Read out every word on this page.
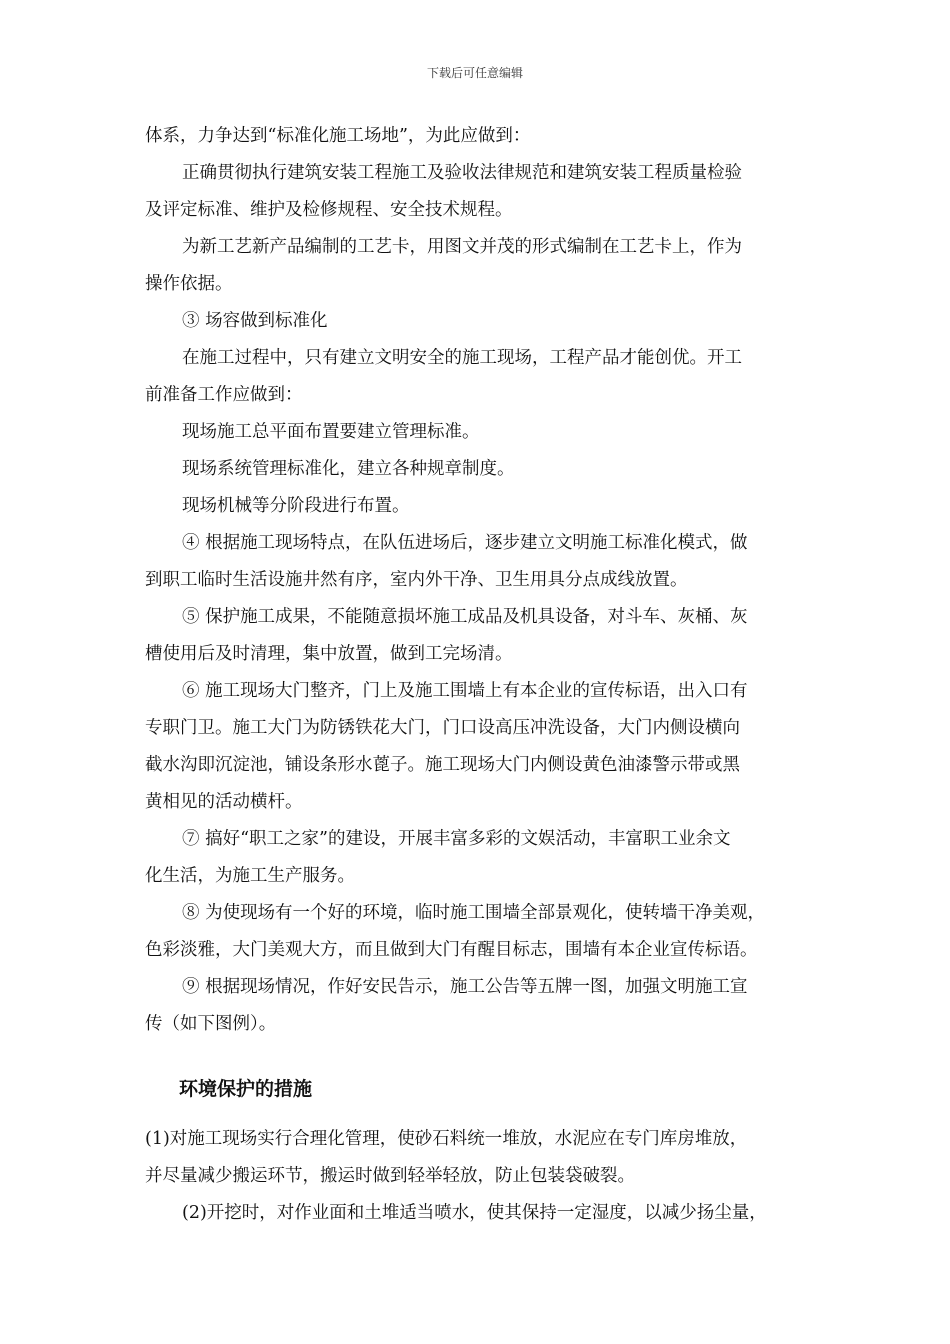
下载后可任意编辑
体系，力争达到“标准化施工场地”，为此应做到：
正确贯彻执行建筑安装工程施工及验收法律规范和建筑安装工程质量检验
及评定标准、维护及检修规程、安全技术规程。
为新工艺新产品编制的工艺卡，用图文并茂的形式编制在工艺卡上，作为
操作依据。
③ 场容做到标准化
在施工过程中，只有建立文明安全的施工现场，工程产品才能创优。开工
前准备工作应做到：
现场施工总平面布置要建立管理标准。
现场系统管理标准化，建立各种规章制度。
现场机械等分阶段进行布置。
④ 根据施工现场特点，在队伍进场后，逐步建立文明施工标准化模式，做
到职工临时生活设施井然有序，室内外干净、卫生用具分点成线放置。
⑤ 保护施工成果，不能随意损坏施工成品及机具设备，对斗车、灰桶、灰
槽使用后及时清理，集中放置，做到工完场清。
⑥ 施工现场大门整齐，门上及施工围墙上有本企业的宣传标语，出入口有
专职门卫。施工大门为防锈铁花大门，门口设高压冲洗设备，大门内侧设横向
截水沟即沉淀池，铺设条形水蓖子。施工现场大门内侧设黄色油漆警示带或黑
黄相见的活动横杆。
⑦ 搞好“职工之家”的建设，开展丰富多彩的文娱活动，丰富职工业余文
化生活，为施工生产服务。
⑧ 为使现场有一个好的环境，临时施工围墙全部景观化，使转墙干净美观，
色彩淡雅，大门美观大方，而且做到大门有醒目标志，围墙有本企业宣传标语。
⑨ 根据现场情况，作好安民告示，施工公告等五牌一图，加强文明施工宣
传（如下图例）。
环境保护的措施
(1)对施工现场实行合理化管理，使砂石料统一堆放，水泥应在专门库房堆放，
并尽量减少搬运环节，搬运时做到轻举轻放，防止包装袋破裂。
(2)开挖时，对作业面和土堆适当喷水，使其保持一定湿度，以减少扬尘量，
